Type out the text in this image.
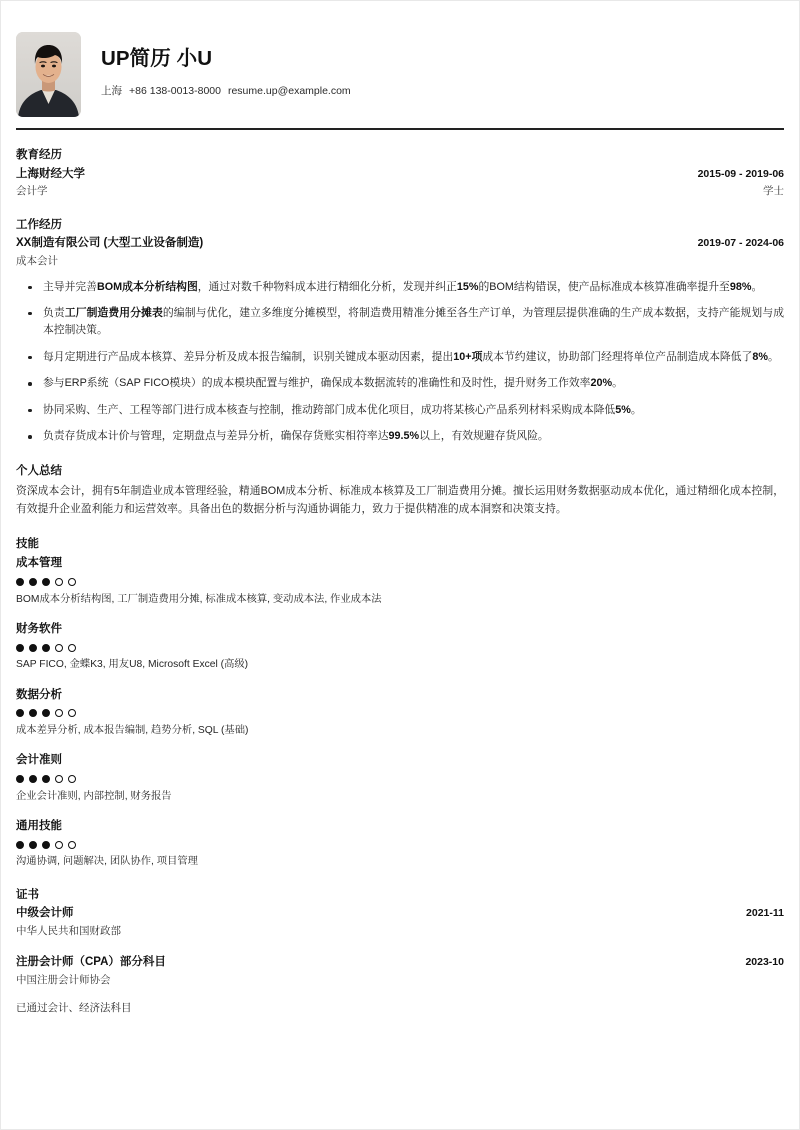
UP简历 小U
上海 +86 138-0013-8000 resume.up@example.com
教育经历
上海财经大学	2015-09 - 2019-06
会计学	学士
工作经历
XX制造有限公司 (大型工业设备制造)	2019-07 - 2024-06
成本会计
主导并完善BOM成本分析结构图，通过对数千种物料成本进行精细化分析，发现并纠正15%的BOM结构错误，使产品标准成本核算准确率提升至98%。
负责工厂制造费用分摊表的编制与优化，建立多维度分摊模型，将制造费用精准分摊至各生产订单，为管理层提供准确的生产成本数据，支持产能规划与成本控制决策。
每月定期进行产品成本核算、差异分析及成本报告编制，识别关键成本驱动因素，提出10+项成本节约建议，协助部门经理将单位产品制造成本降低了8%。
参与ERP系统（SAP FICO模块）的成本模块配置与维护，确保成本数据流转的准确性和及时性，提升财务工作效率20%。
协同采购、生产、工程等部门进行成本核查与控制，推动跨部门成本优化项目，成功将某核心产品系列材料采购成本降低5%。
负责存货成本计价与管理，定期盘点与差异分析，确保存货账实相符率达99.5%以上，有效规避存货风险。
个人总结
资深成本会计，拥有5年制造业成本管理经验，精通BOM成本分析、标准成本核算及工厂制造费用分摊。擅长运用财务数据驱动成本优化，通过精细化成本控制，有效提升企业盈利能力和运营效率。具备出色的数据分析与沟通协调能力，致力于提供精准的成本洞察和决策支持。
技能
成本管理
BOM成本分析结构图, 工厂制造费用分摊, 标准成本核算, 变动成本法, 作业成本法
财务软件
SAP FICO, 金蝶K3, 用友U8, Microsoft Excel (高级)
数据分析
成本差异分析, 成本报告编制, 趋势分析, SQL (基础)
会计准则
企业会计准则, 内部控制, 财务报告
通用技能
沟通协调, 问题解决, 团队协作, 项目管理
证书
中级会计师	2021-11
中华人民共和国财政部
注册会计师（CPA）部分科目	2023-10
中国注册会计师协会
已通过会计、经济法科目
